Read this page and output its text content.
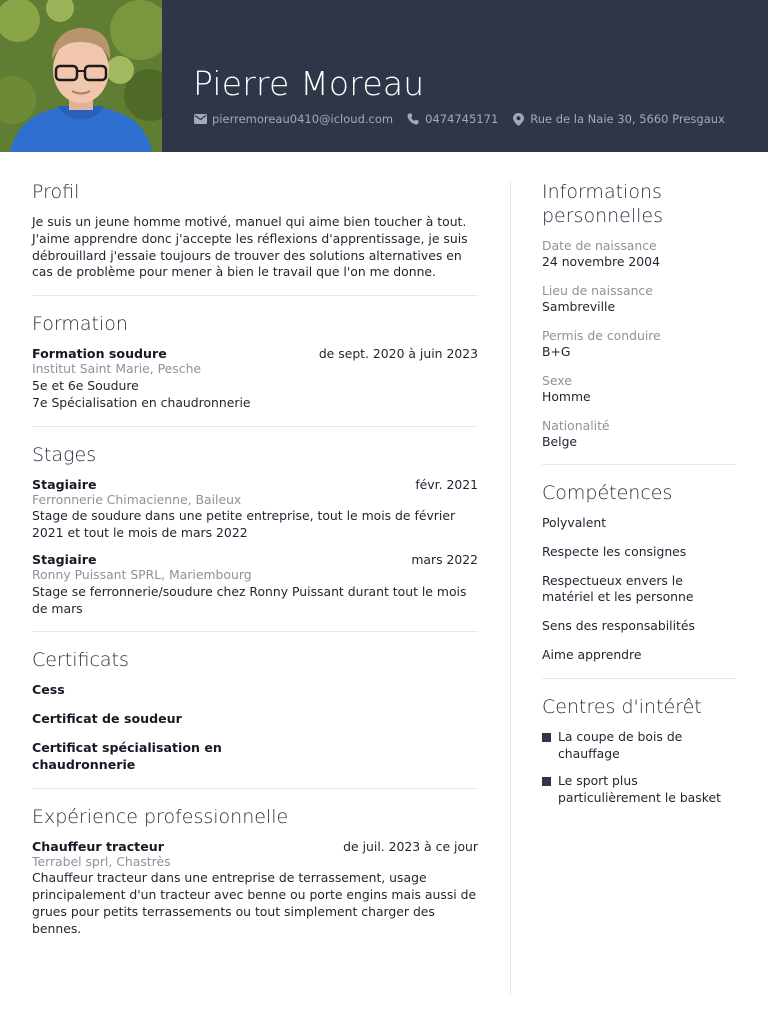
Pierre Moreau
pierremoreau0410@icloud.com	0474745171	Rue de la Naie 30, 5660 Presgaux
Profil
Je suis un jeune homme motivé, manuel qui aime bien toucher à tout. J'aime apprendre donc j'accepte les réflexions d'apprentissage, je suis débrouillard j'essaie toujours de trouver des solutions alternatives en cas de problème pour mener à bien le travail que l'on me donne.
Formation
Formation soudure	de sept. 2020 à juin 2023
Institut Saint Marie, Pesche
5e et 6e Soudure
7e Spécialisation en chaudronnerie
Stages
Stagiaire	févr. 2021
Ferronnerie Chimacienne, Baileux
Stage de soudure dans une petite entreprise, tout le mois de février 2021 et tout le mois de mars 2022
Stagiaire	mars 2022
Ronny Puissant SPRL, Mariembourg
Stage se ferronnerie/soudure chez Ronny Puissant durant tout le mois de mars
Certificats
Cess
Certificat de soudeur
Certificat spécialisation en chaudronnerie
Expérience professionnelle
Chauffeur tracteur	de juil. 2023 à ce jour
Terrabel sprl, Chastrès
Chauffeur tracteur dans une entreprise de terrassement, usage principalement d'un tracteur avec benne ou porte engins mais aussi de grues pour petits terrassements ou tout simplement charger des bennes.
Informations personnelles
Date de naissance
24 novembre 2004
Lieu de naissance
Sambreville
Permis de conduire
B+G
Sexe
Homme
Nationalité
Belge
Compétences
Polyvalent
Respecte les consignes
Respectueux envers le matériel et les personne
Sens des responsabilités
Aime apprendre
Centres d'intérêt
La coupe de bois de chauffage
Le sport plus particulièrement le basket
